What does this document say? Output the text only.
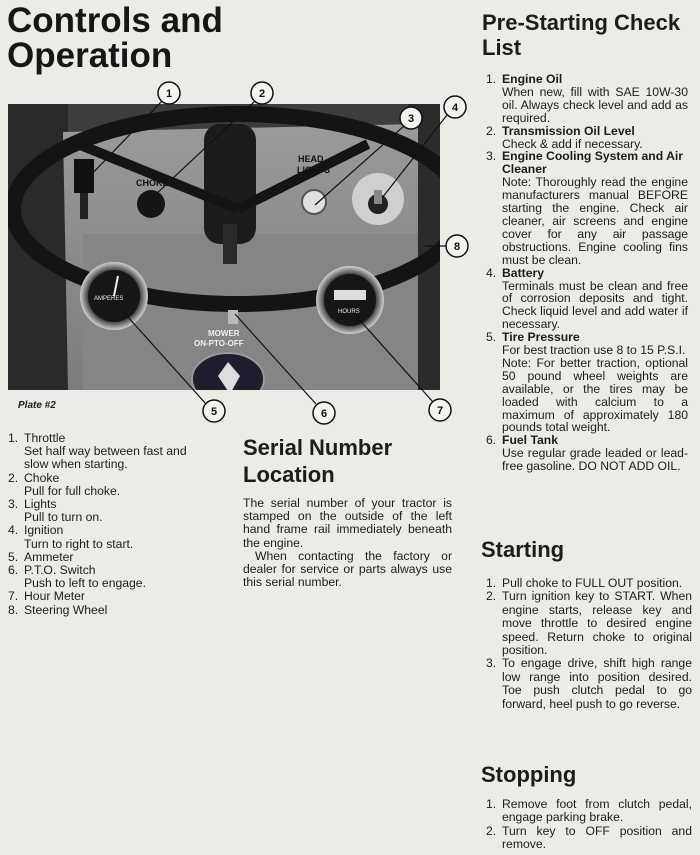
Controls and Operation
CHOKE
HEAD
LIGHTS
AMPERES
HOURS
MOWER
ON-PTO-OFF
1	2
3
4
8
5	6	7
Plate #2
1. Throttle
Set half way between fast and slow when starting.
2. Choke
Pull for full choke.
3. Lights
Pull to turn on.
4. Ignition
Turn to right to start.
5. Ammeter
6. P.T.O. Switch
Push to left to engage.
7. Hour Meter
8. Steering Wheel
Serial Number Location

The serial number of your tractor is stamped on the outside of the left hand frame rail immediately beneath the engine.

When contacting the factory or dealer for service or parts always use this serial number.

Pre-Starting Check List
1. Engine Oil
When new, fill with SAE 10W-30 oil. Always check level and add as required.
2. Transmission Oil Level
Check & add if necessary.
3. Engine Cooling System and Air Cleaner
Note: Thoroughly read the engine manufacturers manual BEFORE starting the engine. Check air cleaner, air screens and engine cover for any air passage obstructions. Engine cooling fins must be clean.
4. Battery
Terminals must be clean and free of corrosion deposits and tight. Check liquid level and add water if necessary.
5. Tire Pressure
For best traction use 8 to 15 P.S.I.
Note: For better traction, optional 50 pound wheel weights are available, or the tires may be loaded with calcium to a maximum of approximately 180 pounds total weight.
6. Fuel Tank
Use regular grade leaded or lead-free gasoline. DO NOT ADD OIL.
Starting
1. Pull choke to FULL OUT position.
2. Turn ignition key to START. When engine starts, release key and move throttle to desired engine speed. Return choke to original position.
3. To engage drive, shift high range low range into position desired. Toe push clutch pedal to go forward, heel push to go reverse.
Stopping
1. Remove foot from clutch pedal, engage parking brake.
2. Turn key to OFF position and remove.
